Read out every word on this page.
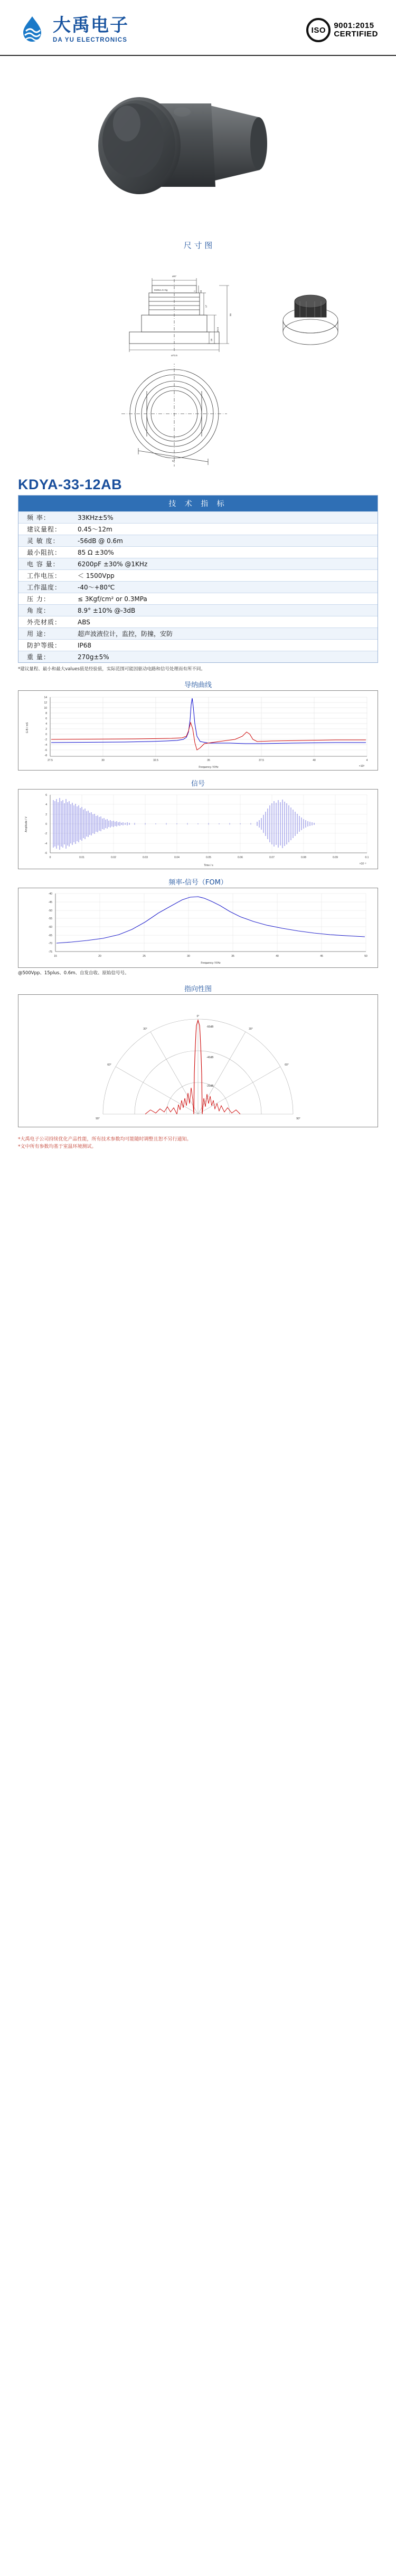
大禹电子
DA YU ELECTRONICS
ISO	9001:2015
CERTIFIED
尺 寸 图
ø57
M48x1.5~6g
ø73.5
55
25.8
19
17
15
1
52
KDYA-33-12AB
技 术 指 标
频 率：	33KHz±5%
建议量程：	0.45～12m
灵 敏 度：	-56dB @ 0.6m
最小阻抗：	85 Ω ±30%
电 容 量：	6200pF ±30% @1KHz
工作电压：	＜ 1500Vpp
工作温度：	-40～+80℃
压 力：	≤ 3Kgf/cm² or 0.3MPa
角 度：	8.9° ±10% @-3dB
外壳材质：	ABS
用 途：	超声波液位计，监控，防撞，安防
防护等级：	IP68
重 量：	270g±5%
*建议量程、最小和最大values值是经验值，实际范围可能因驱动电路和信号处理而有所不同。
导纳曲线
14
12
10
8
6
4
2
0
-2
-4
-6
-8
27.5	30	32.5	35	37.5	40	4
×10³
Frequency / KHz
G·B / mS
信号
6
4
2
0
-2
-4
-6
0	0.01	0.02	0.03	0.04	0.05	0.06	0.07	0.08	0.09	0.1
×10⁻²
Time / s
Amplitude / V
频率-信号（FOM）
-40
-45
-50
-55
-60
-65
-70
-75
15	20	25	30	35	40	45	50
Frequency / KHz
@500Vpp、15plus、0.6m、自发自收、原始信号号。
指向性图
0°
30°	30°
60°	60°
90°	90°
-20dB
-40dB
-60dB
*大禹电子公司持续优化产品性能，所有技术参数均可能随时调整且恕不另行通知。
*文中所有参数均基于室温环境测试。
